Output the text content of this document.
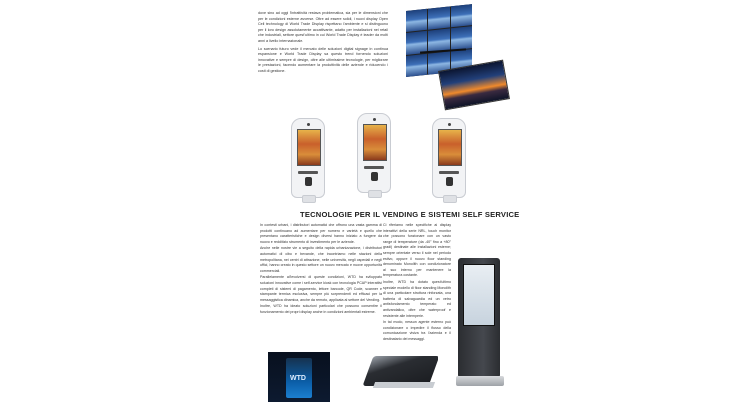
dove sino ad oggi l'intrattività restava problematica, sia per le dimensioni che per le condizioni esterne avverse. Oltre ad essere solidi, i nuovi display Open Cell technology di World Trade Display rispettano l'ambiente e si distinguono per il loro design assolutamente accattivante, adatto per installazioni nei retail che industriali, settore quest'ultimo in cui World Trade Display è leader da molti anni a livello internazionale.

Lo scenario futuro vede il mercato delle soluzioni digital signage in continua espansione e World Trade Display sa questo trend fornendo soluzioni innovative e sempre di design, oltre alle ultimissime tecnologie, per migliorare le prestazioni, facendo aumentare la produttività delle aziende e riducendo i costi di gestione.

TECNOLOGIE PER IL VENDING E SISTEMI SELF SERVICE

In contesti urbani, i distributori automatici che offrono una vasta gamma di prodotti continuano ad aumentare per numero e varietà e quello che presentano caratteristiche e design diversi hanno iniziato a fungere da nuovo e redditizio strumento di investimento per le aziende.

Anche nelle nostre vie a seguito della rapida urbanizzazione, i distributori automatici di cibo e bevande, che incontriamo nelle stazioni della metropolitana, nei centri di attrazione, nelle università, negli ospedali e negli uffici, hanno creato in questo settore un nuovo mercato e nuove opportunità commerciali.

Parallelamente all'evolversi di queste condizioni, WTD ha sviluppato soluzioni innovative come i self-service kiosk con tecnologia PCAP interattivi completi di sistemi di pagamento, lettore barcode, QR Code, scanner e stampante termica esclusiva, sempre più sorprendenti ed efficaci per la messaggistica dinamica, anche da remoto, applicata al settore del Vending.

Inoltre, WTD ha ideato soluzioni particolari che possono consentire il funzionamento dei propri display anche in condizioni ambientali estreme.

Ci riferiamo nelle specifiche ai display interattivi della serie NRL, touch monitor che possono funzionare con un vasto range di temperature (da -40° fino a +80° gradi) destinate alle installazioni esterne; sempre orientate verso il sole nel periodo estivo, oppure il nuovo floor standing denominato Monolith con condizionatore al suo interno per mantenere la temperatura costante.

Inoltre, WTD ha dotato quest'ultimo speciale modello di floor standing Monolith di una particolare struttura rinforzata, una batteria di salvaguardia ed un vetro antisfondamento temperato ed antivandalico, oltre che waterproof e resistente alle intemperie.

In tal modo, nessun agente esterno può condizionare o impedire il flusso della comunicazione visiva tra l'azienda e il destinatario dei messaggi.

WTD
